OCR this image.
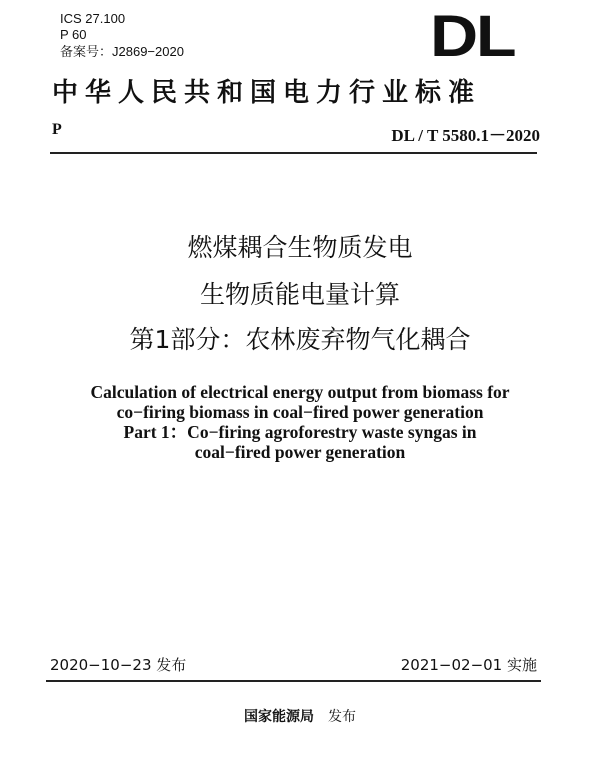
ICS 27.100
P 60
备案号：J2869−2020	DL
中华人民共和国电力行业标准
P	DL / T 5580.1－2020
燃煤耦合生物质发电
生物质能电量计算
第1部分：农林废弃物气化耦合
Calculation of electrical energy output from biomass for
co−firing biomass in coal−fired power generation
Part 1：Co−firing agroforestry waste syngas in
coal−fired power generation
2020−10−23 发布	2021−02−01 实施
国家能源局 发布
